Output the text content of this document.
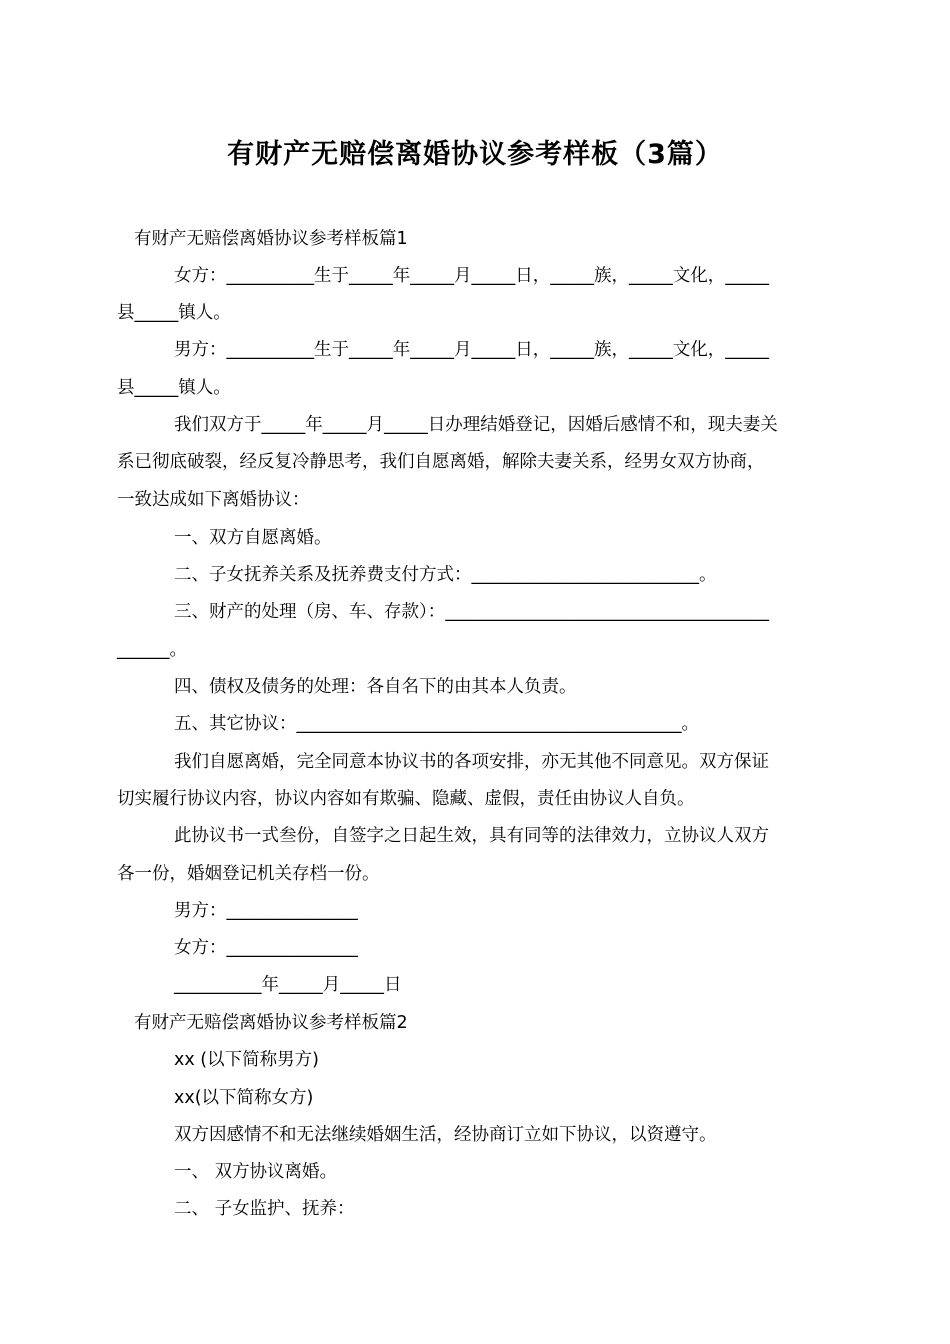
有财产无赔偿离婚协议参考样板（3篇）
有财产无赔偿离婚协议参考样板篇1
女方：__________生于_____年_____月_____日，_____族，_____文化，_____
县_____镇人。
男方：__________生于_____年_____月_____日，_____族，_____文化，_____
县_____镇人。
我们双方于_____年_____月_____日办理结婚登记，因婚后感情不和，现夫妻关
系已彻底破裂，经反复冷静思考，我们自愿离婚，解除夫妻关系，经男女双方协商，
一致达成如下离婚协议：
一、双方自愿离婚。
二、子女抚养关系及抚养费支付方式：__________________________。
三、财产的处理（房、车、存款）：_____________________________________
______。
四、债权及债务的处理：各自名下的由其本人负责。
五、其它协议：____________________________________________。
我们自愿离婚，完全同意本协议书的各项安排，亦无其他不同意见。双方保证
切实履行协议内容，协议内容如有欺骗、隐藏、虚假，责任由协议人自负。
此协议书一式叁份，自签字之日起生效，具有同等的法律效力，立协议人双方
各一份，婚姻登记机关存档一份。
男方：_______________
女方：_______________
__________年_____月_____日
有财产无赔偿离婚协议参考样板篇2
xx (以下简称男方)
xx(以下简称女方)
双方因感情不和无法继续婚姻生活，经协商订立如下协议，以资遵守。
一、 双方协议离婚。
二、 子女监护、抚养：
